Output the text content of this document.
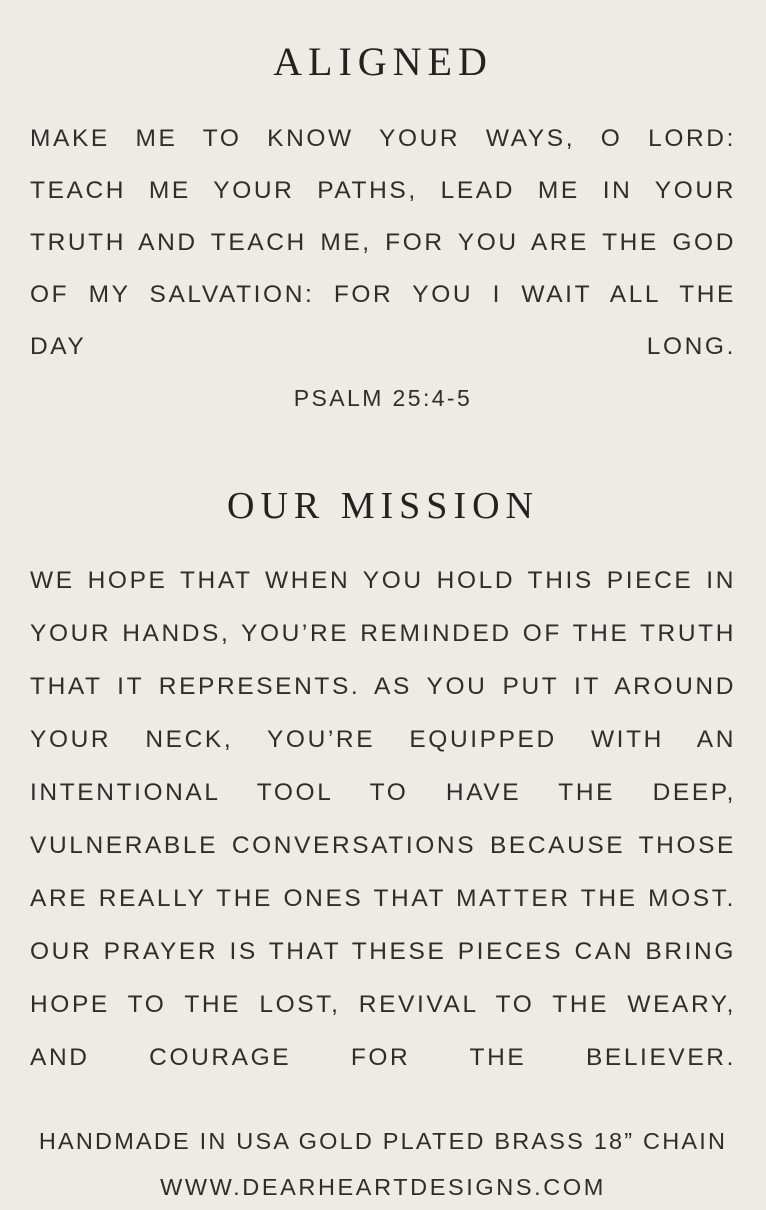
ALIGNED

MAKE ME TO KNOW YOUR WAYS, O LORD: TEACH ME YOUR PATHS, LEAD ME IN YOUR TRUTH AND TEACH ME, FOR YOU ARE THE GOD OF MY SALVATION: FOR YOU I WAIT ALL THE DAY LONG.

PSALM 25:4-5

OUR MISSION

WE HOPE THAT WHEN YOU HOLD THIS PIECE IN YOUR HANDS, YOU’RE REMINDED OF THE TRUTH THAT IT REPRESENTS. AS YOU PUT IT AROUND YOUR NECK, YOU’RE EQUIPPED WITH AN INTENTIONAL TOOL TO HAVE THE DEEP, VULNERABLE CONVERSATIONS BECAUSE THOSE ARE REALLY THE ONES THAT MATTER THE MOST. OUR PRAYER IS THAT THESE PIECES CAN BRING HOPE TO THE LOST, REVIVAL TO THE WEARY, AND COURAGE FOR THE BELIEVER.

HANDMADE IN USA GOLD PLATED BRASS 18” CHAIN
WWW.DEARHEARTDESIGNS.COM
